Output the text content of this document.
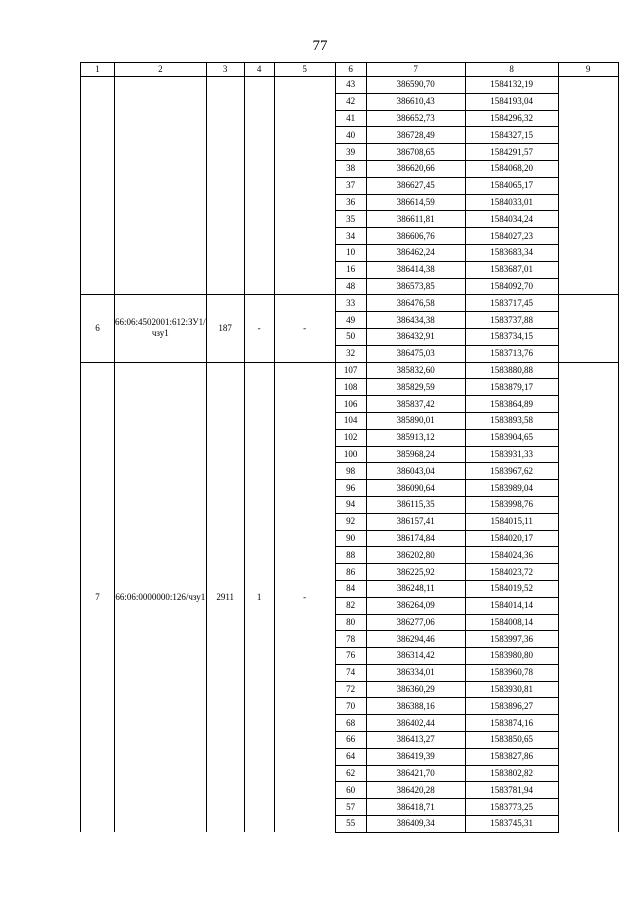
77
1	2	3	4	5	6	7	8	9
					43	386590,70	1584132,19	
					42	386610,43	1584193,04	
					41	386652,73	1584296,32	
					40	386728,49	1584327,15	
					39	386708,65	1584291,57	
					38	386620,66	1584068,20	
					37	386627,45	1584065,17	
					36	386614,59	1584033,01	
					35	386611,81	1584034,24	
					34	386606,76	1584027,23	
					10	386462,24	1583683,34	
					16	386414,38	1583687,01	
					48	386573,85	1584092,70	
6	66:06:4502001:612:ЗУ1/чзу1	187	-	-	33	386476,58	1583717,45	
					49	386434,38	1583737,88	
					50	386432,91	1583734,15	
					32	386475,03	1583713,76	
7	66:06:0000000:126/чзу1	2911	1	-	107	385832,60	1583880,88	
					108	385829,59	1583879,17	
					106	385837,42	1583864,89	
					104	385890,01	1583893,58	
					102	385913,12	1583904,65	
					100	385968,24	1583931,33	
					98	386043,04	1583967,62	
					96	386090,64	1583989,04	
					94	386115,35	1583998,76	
					92	386157,41	1584015,11	
					90	386174,84	1584020,17	
					88	386202,80	1584024,36	
					86	386225,92	1584023,72	
					84	386248,11	1584019,52	
					82	386264,09	1584014,14	
					80	386277,06	1584008,14	
					78	386294,46	1583997,36	
					76	386314,42	1583980,80	
					74	386334,01	1583960,78	
					72	386360,29	1583930,81	
					70	386388,16	1583896,27	
					68	386402,44	1583874,16	
					66	386413,27	1583850,65	
					64	386419,39	1583827,86	
					62	386421,70	1583802,82	
					60	386420,28	1583781,94	
					57	386418,71	1583773,25	
					55	386409,34	1583745,31	
